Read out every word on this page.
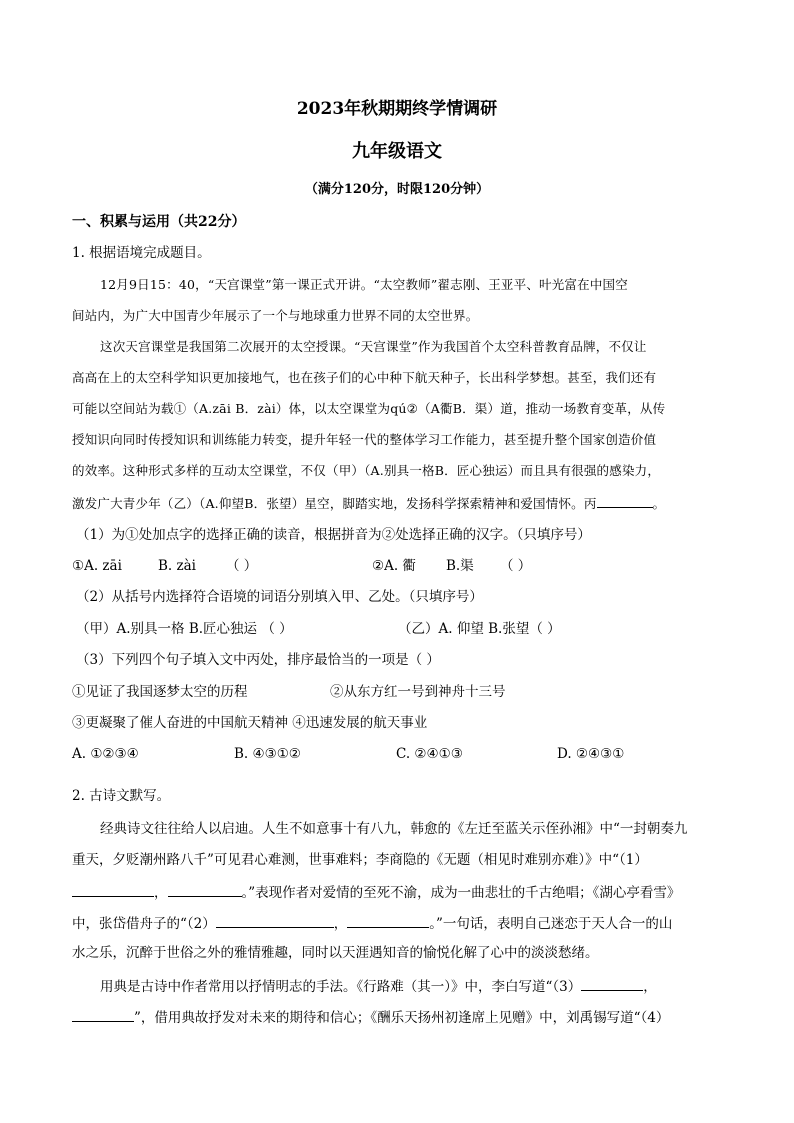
2023年秋期期终学情调研
九年级语文
（满分120分，时限120分钟）
一、积累与运用（共22分）
1. 根据语境完成题目。
12月9日15：40，“天宫课堂”第一课正式开讲。“太空教师”翟志刚、王亚平、叶光富在中国空
间站内，为广大中国青少年展示了一个与地球重力世界不同的太空世界。
这次天宫课堂是我国第二次展开的太空授课。“天宫课堂”作为我国首个太空科普教育品牌，不仅让
高高在上的太空科学知识更加接地气，也在孩子们的心中种下航天种子，长出科学梦想。甚至，我们还有
可能以空间站为载①（A.zāi B．zài）体，以太空课堂为qú②（A衢B．渠）道，推动一场教育变革，从传
授知识向同时传授知识和训练能力转变，提升年轻一代的整体学习工作能力，甚至提升整个国家创造价值
的效率。这种形式多样的互动太空课堂，不仅（甲）（A.别具一格B．匠心独运）而且具有很强的感染力，
激发广大青少年（乙）（A.仰望B．张望）星空，脚踏实地，发扬科学探索精神和爱国情怀。丙	。
（1）为①处加点字的选择正确的读音，根据拼音为②处选择正确的汉字。（只填序号）
①A. zāi	B. zài （ ）	②A. 衢 B.渠 （ ）
（2）从括号内选择符合语境的词语分别填入甲、乙处。（只填序号）
（甲）A.别具一格 B.匠心独运 （ ）	（乙）A. 仰望 B.张望（ ）
（3）下列四个句子填入文中丙处，排序最恰当的一项是（ ）
①见证了我国逐梦太空的历程	②从东方红一号到神舟十三号
③更凝聚了催人奋进的中国航天精神 ④迅速发展的航天事业
A. ①②③④	B. ④③①②	C. ②④①③	D. ②④③①
2. 古诗文默写。
经典诗文往往给人以启迪。人生不如意事十有八九，韩愈的《左迁至蓝关示侄孙湘》中“一封朝奏九
重天，夕贬潮州路八千”可见君心难测，世事难料；李商隐的《无题（相见时难别亦难）》中“（1）
，	。”表现作者对爱情的至死不渝，成为一曲悲壮的千古绝唱；《湖心亭看雪》
中，张岱借舟子的“（2）	，	。”一句话，表明自己迷恋于天人合一的山
水之乐，沉醉于世俗之外的雅情雅趣，同时以天涯遇知音的愉悦化解了心中的淡淡愁绪。
用典是古诗中作者常用以抒情明志的手法。《行路难（其一）》中，李白写道“（3）	，
”，借用典故抒发对未来的期待和信心；《酬乐天扬州初逢席上见赠》中，刘禹锡写道“（4）
